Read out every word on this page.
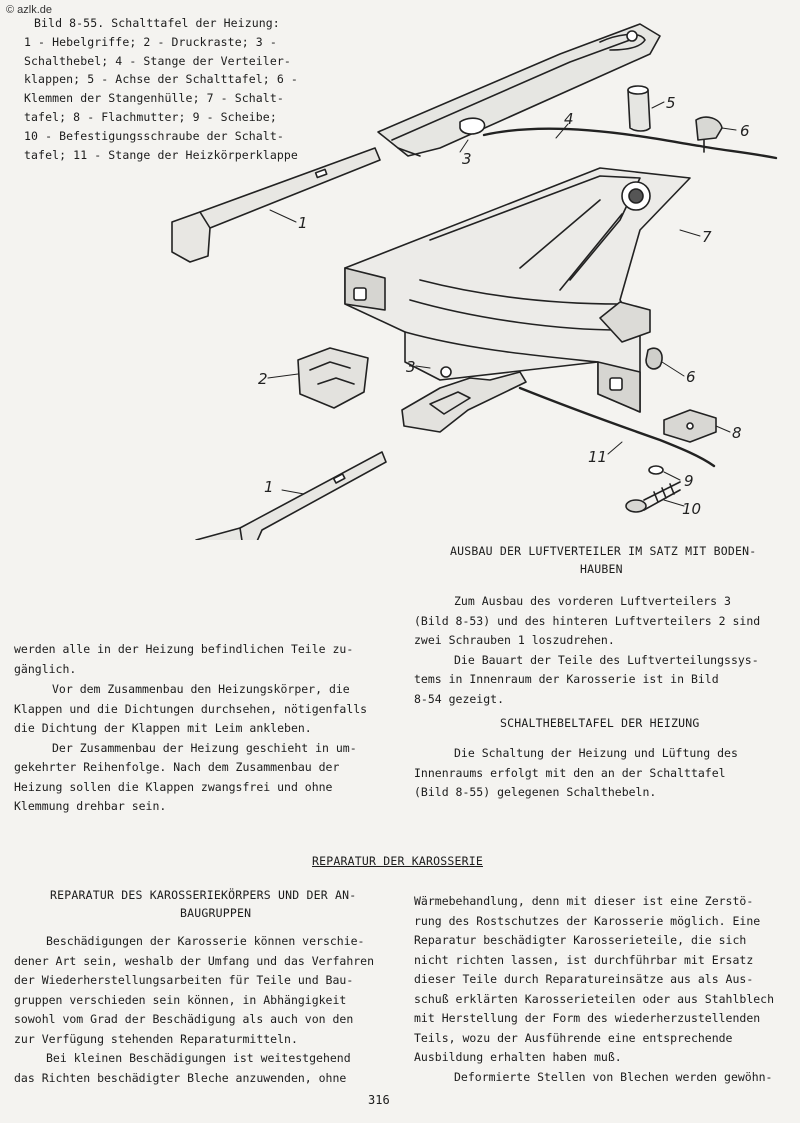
© azlk.de
Bild 8-55. Schalttafel der Heizung:
1 - Hebelgriffe; 2 - Druckraste; 3 -
Schalthebel; 4 - Stange der Verteiler-
klappen; 5 - Achse der Schalttafel; 6 -
Klemmen der Stangenhülle; 7 - Schalt-
tafel; 8 - Flachmutter; 9 - Scheibe;
10 - Befestigungsschraube der Schalt-
tafel; 11 - Stange der Heizkörperklappe
1
1
2
3
3
4
5
6
6
7
8
9
10
11
AUSBAU DER LUFTVERTEILER IM SATZ MIT BODEN-
HAUBEN

Zum Ausbau des vorderen Luftverteilers 3

(Bild 8-53) und des hinteren Luftverteilers 2 sind

zwei Schrauben 1 loszudrehen.

Die Bauart der Teile des Luftverteilungssys-

tems in Innenraum der Karosserie ist in Bild

8-54 gezeigt.

SCHALTHEBELTAFEL DER HEIZUNG

Die Schaltung der Heizung und Lüftung des

Innenraums erfolgt mit den an der Schalttafel

(Bild 8-55) gelegenen Schalthebeln.

werden alle in der Heizung befindlichen Teile zu-

gänglich.

Vor dem Zusammenbau den Heizungskörper, die

Klappen und die Dichtungen durchsehen, nötigenfalls

die Dichtung der Klappen mit Leim ankleben.

Der Zusammenbau der Heizung geschieht in um-

gekehrter Reihenfolge. Nach dem Zusammenbau der

Heizung sollen die Klappen zwangsfrei und ohne

Klemmung drehbar sein.

REPARATUR DER KAROSSERIE
REPARATUR DES KAROSSERIEKÖRPERS UND DER AN-
BAUGRUPPEN

Beschädigungen der Karosserie können verschie-

dener Art sein, weshalb der Umfang und das Verfahren

der Wiederherstellungsarbeiten für Teile und Bau-

gruppen verschieden sein können, in Abhängigkeit

sowohl vom Grad der Beschädigung als auch von den

zur Verfügung stehenden Reparaturmitteln.

Bei kleinen Beschädigungen ist weitestgehend

das Richten beschädigter Bleche anzuwenden, ohne

Wärmebehandlung, denn mit dieser ist eine Zerstö-

rung des Rostschutzes der Karosserie möglich. Eine

Reparatur beschädigter Karosserieteile, die sich

nicht richten lassen, ist durchführbar mit Ersatz

dieser Teile durch Reparatureinsätze aus als Aus-

schuß erklärten Karosserieteilen oder aus Stahlblech

mit Herstellung der Form des wiederherzustellenden

Teils, wozu der Ausführende eine entsprechende

Ausbildung erhalten haben muß.

Deformierte Stellen von Blechen werden gewöhn-

316
